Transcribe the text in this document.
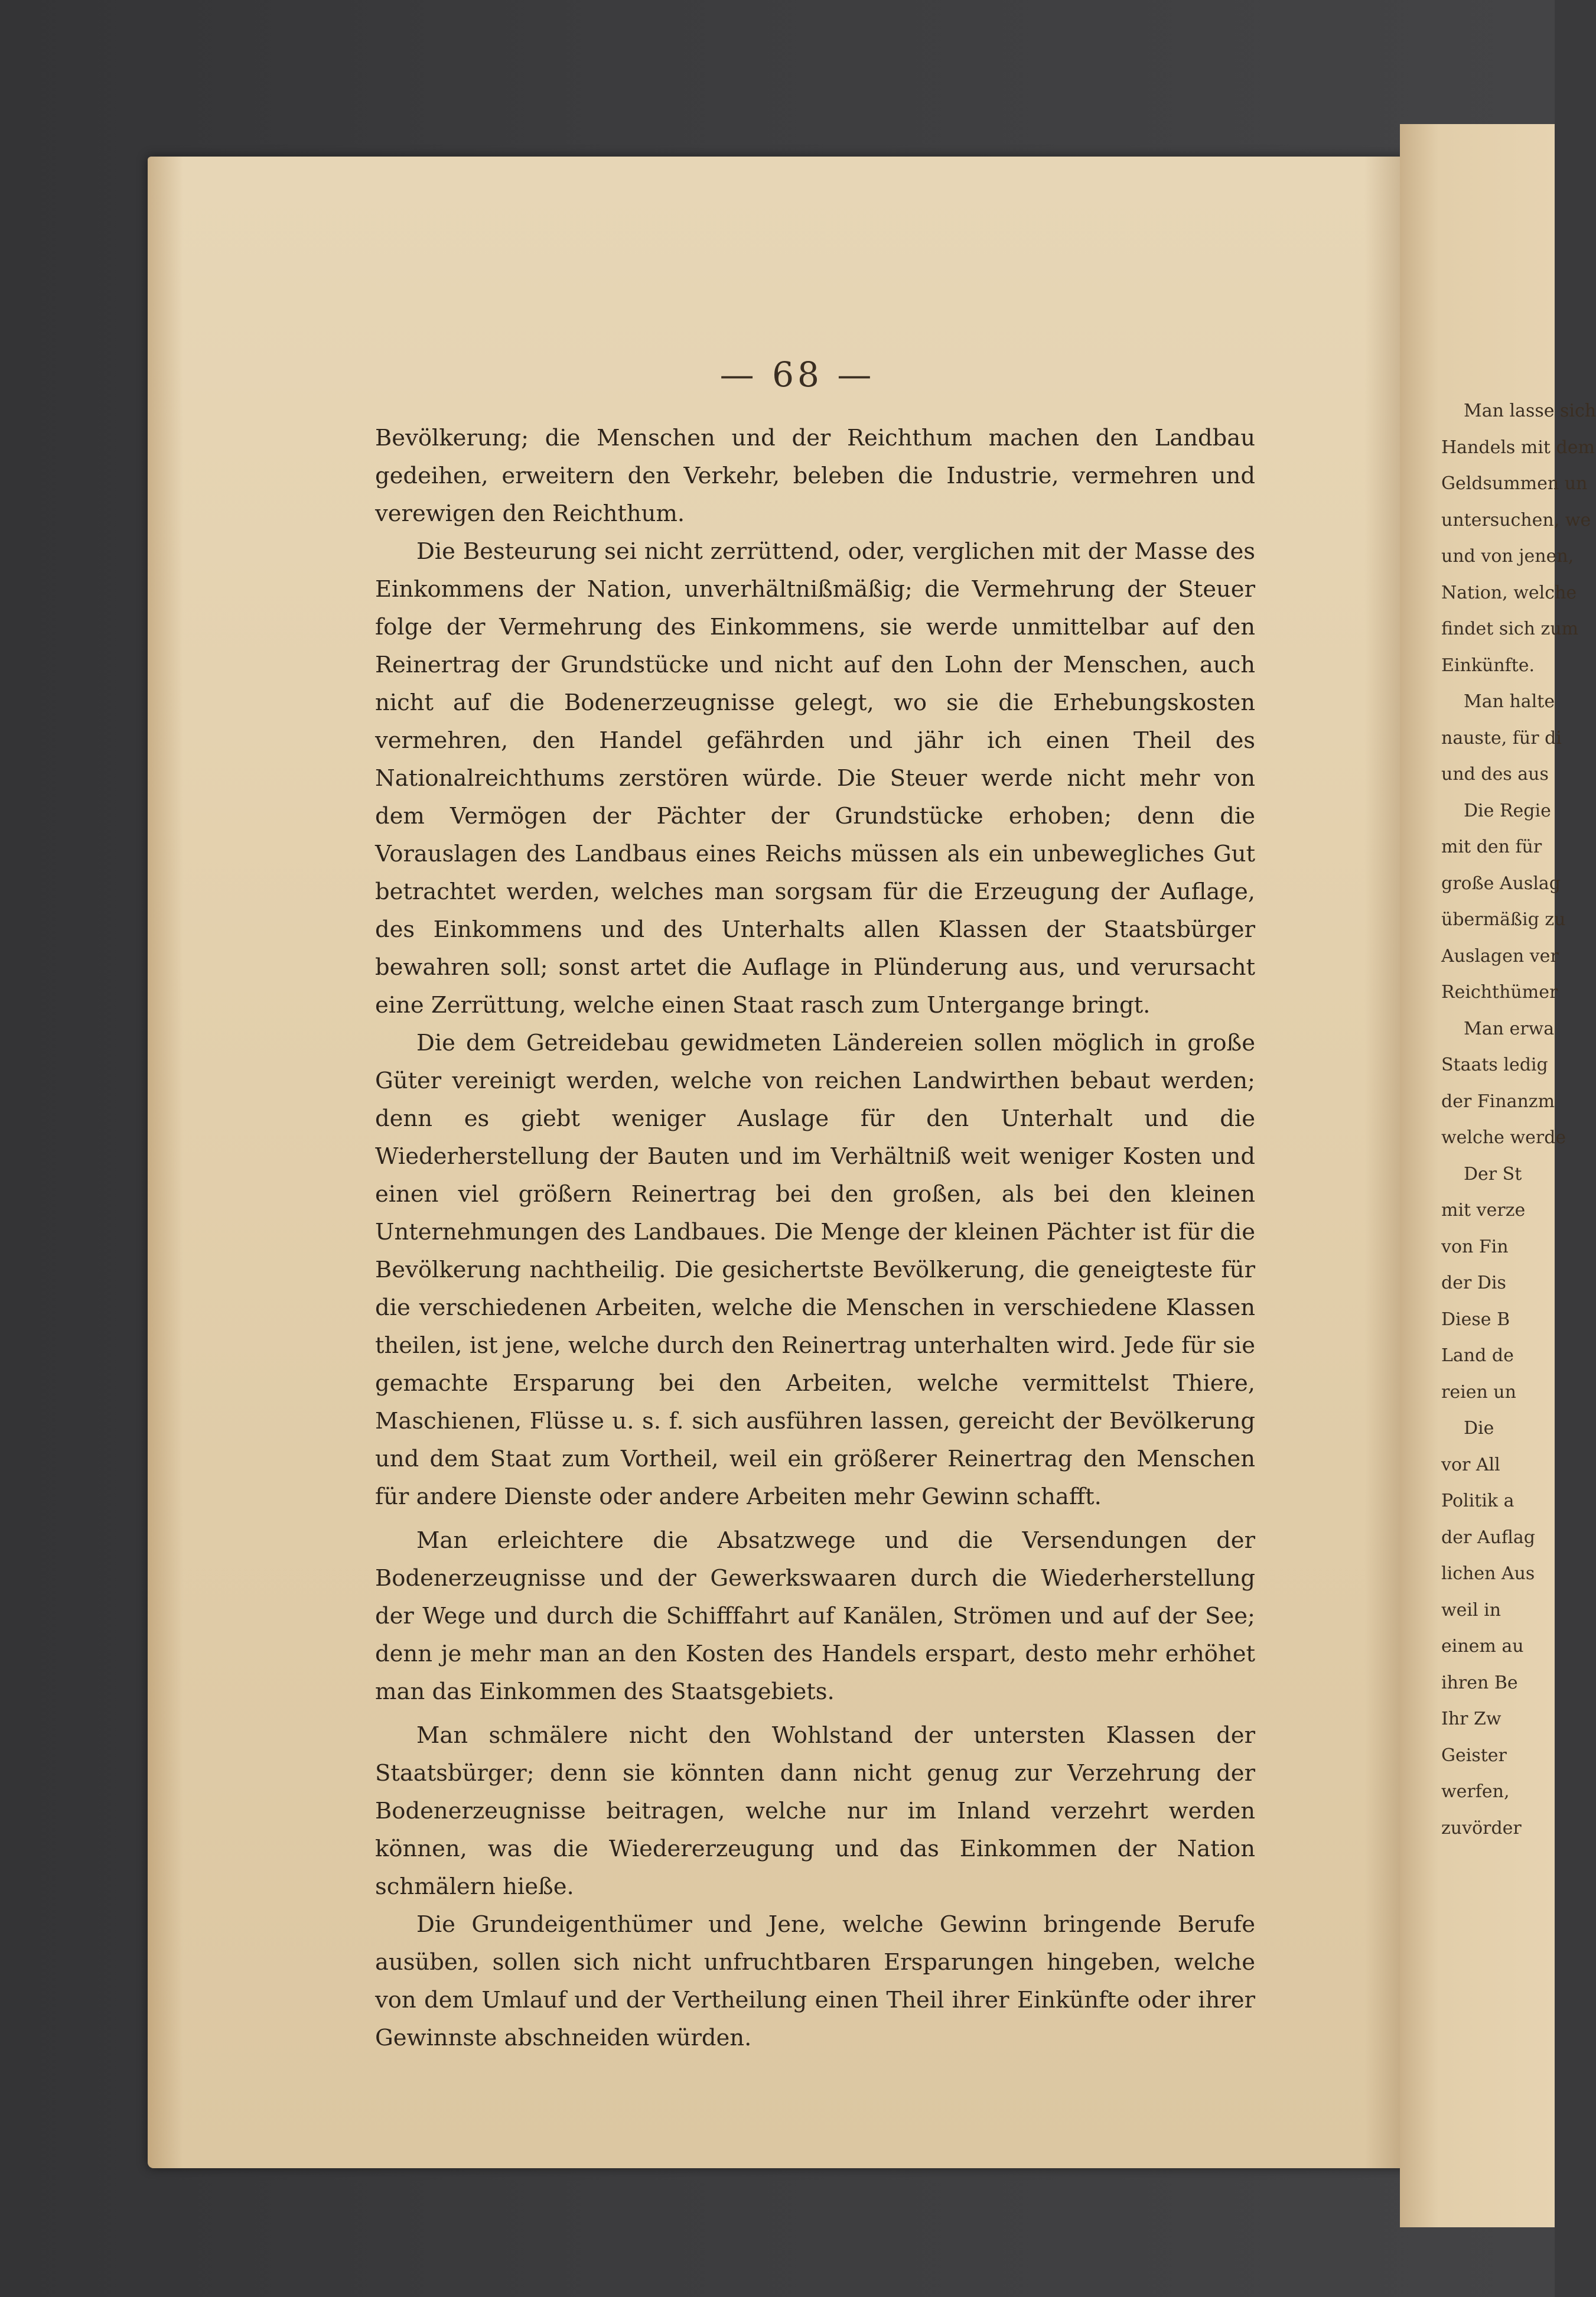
— 68 —

Bevölkerung; die Menschen und der Reichthum machen den Landbau gedeihen, erweitern den Verkehr, beleben die Industrie, vermehren und verewigen den Reichthum.

Die Besteurung sei nicht zerrüttend, oder, verglichen mit der Masse des Einkommens der Nation, unverhältnißmäßig; die Vermehrung der Steuer folge der Vermehrung des Einkommens, sie werde unmittelbar auf den Reinertrag der Grundstücke und nicht auf den Lohn der Menschen, auch nicht auf die Bodenerzeugnisse gelegt, wo sie die Erhebungskosten vermehren, den Handel gefährden und jähr ich einen Theil des Nationalreichthums zerstören würde. Die Steuer werde nicht mehr von dem Vermögen der Pächter der Grundstücke erhoben; denn die Vorauslagen des Landbaus eines Reichs müssen als ein unbewegliches Gut betrachtet werden, welches man sorgsam für die Erzeugung der Auflage, des Einkommens und des Unterhalts allen Klassen der Staatsbürger bewahren soll; sonst artet die Auflage in Plünderung aus, und verursacht eine Zerrüttung, welche einen Staat rasch zum Untergange bringt.

Die dem Getreidebau gewidmeten Ländereien sollen möglich in große Güter vereinigt werden, welche von reichen Landwirthen bebaut werden; denn es giebt weniger Auslage für den Unterhalt und die Wiederherstellung der Bauten und im Verhältniß weit weniger Kosten und einen viel größern Reinertrag bei den großen, als bei den kleinen Unternehmungen des Landbaues. Die Menge der kleinen Pächter ist für die Bevölkerung nachtheilig. Die gesichertste Bevölkerung, die geneigteste für die verschiedenen Arbeiten, welche die Menschen in verschiedene Klassen theilen, ist jene, welche durch den Reinertrag unterhalten wird. Jede für sie gemachte Ersparung bei den Arbeiten, welche vermittelst Thiere, Maschienen, Flüsse u. s. f. sich ausführen lassen, gereicht der Bevölkerung und dem Staat zum Vortheil, weil ein größerer Reinertrag den Menschen für andere Dienste oder andere Arbeiten mehr Gewinn schafft.

Man erleichtere die Absatzwege und die Versendungen der Bodenerzeugnisse und der Gewerkswaaren durch die Wiederherstellung der Wege und durch die Schifffahrt auf Kanälen, Strömen und auf der See; denn je mehr man an den Kosten des Handels erspart, desto mehr erhöhet man das Einkommen des Staatsgebiets.

Man schmälere nicht den Wohlstand der untersten Klassen der Staatsbürger; denn sie könnten dann nicht genug zur Verzehrung der Bodenerzeugnisse beitragen, welche nur im Inland verzehrt werden können, was die Wiedererzeugung und das Einkommen der Nation schmälern hieße.

Die Grundeigenthümer und Jene, welche Gewinn bringende Berufe ausüben, sollen sich nicht unfruchtbaren Ersparungen hingeben, welche von dem Umlauf und der Vertheilung einen Theil ihrer Einkünfte oder ihrer Gewinnste abschneiden würden.

Man lasse sich
Handels mit dem
Geldsummen un
untersuchen, we
und von jenen,
Nation, welche
findet sich zum
Einkünfte.
Man halte
nauste, für di
und des aus
Die Regie
mit den für
große Auslag
übermäßig zu
Auslagen ver
Reichthümer
Man erwa
Staats ledig
der Finanzm
welche werde
Der St
mit verze
von Fin
der Dis
Diese B
Land de
reien un
Die
vor All
Politik a
der Auflag
lichen Aus
weil in
einem au
ihren Be
Ihr Zw
Geister
werfen,
zuvörder
